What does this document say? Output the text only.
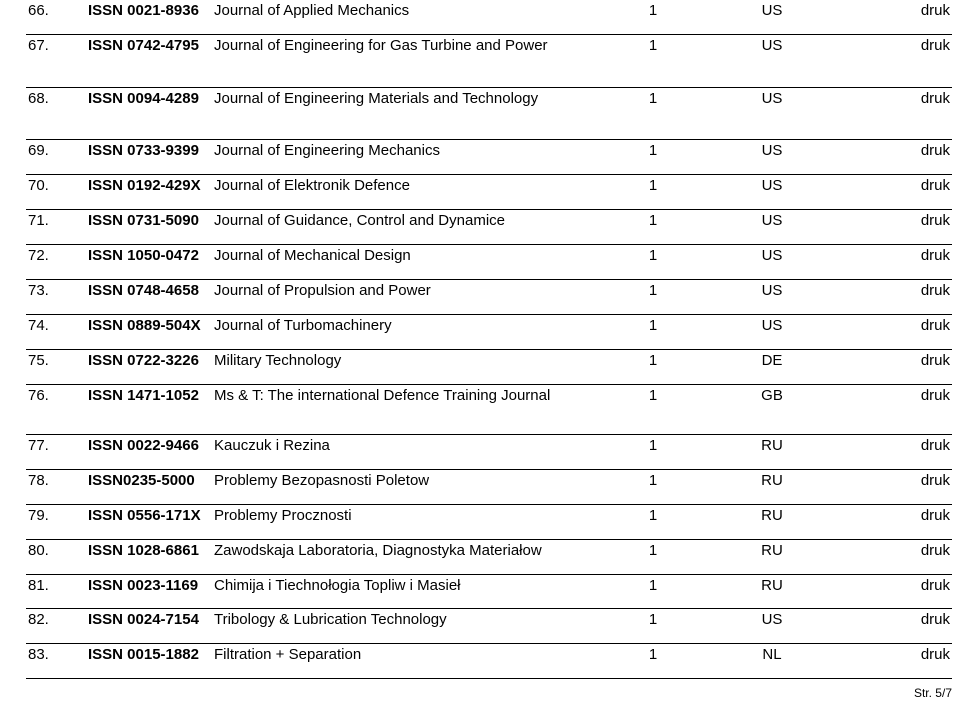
66.	ISSN 0021-8936	Journal of Applied Mechanics	1	US	druk
67.	ISSN 0742-4795	Journal of Engineering for Gas Turbine and Power	1	US	druk
68.	ISSN 0094-4289	Journal of Engineering Materials and Technology	1	US	druk
69.	ISSN 0733-9399	Journal of Engineering Mechanics	1	US	druk
70.	ISSN 0192-429X	Journal of Elektronik Defence	1	US	druk
71.	ISSN 0731-5090	Journal of Guidance, Control and Dynamice	1	US	druk
72.	ISSN 1050-0472	Journal of Mechanical Design	1	US	druk
73.	ISSN 0748-4658	Journal of Propulsion and Power	1	US	druk
74.	ISSN 0889-504X	Journal of Turbomachinery	1	US	druk
75.	ISSN 0722-3226	Military Technology	1	DE	druk
76.	ISSN 1471-1052	Ms & T: The international Defence Training Journal	1	GB	druk
77.	ISSN 0022-9466	Kauczuk i Rezina	1	RU	druk
78.	ISSN0235-5000	Problemy Bezopasnosti Poletow	1	RU	druk
79.	ISSN 0556-171X	Problemy Procznosti	1	RU	druk
80.	ISSN 1028-6861	Zawodskaja Laboratoria, Diagnostyka Materiałow	1	RU	druk
81.	ISSN 0023-1169	Chimija i Tiechnołogia Topliw i Masieł	1	RU	druk
82.	ISSN 0024-7154	Tribology & Lubrication Technology	1	US	druk
83.	ISSN 0015-1882	Filtration + Separation	1	NL	druk
Str. 5/7
